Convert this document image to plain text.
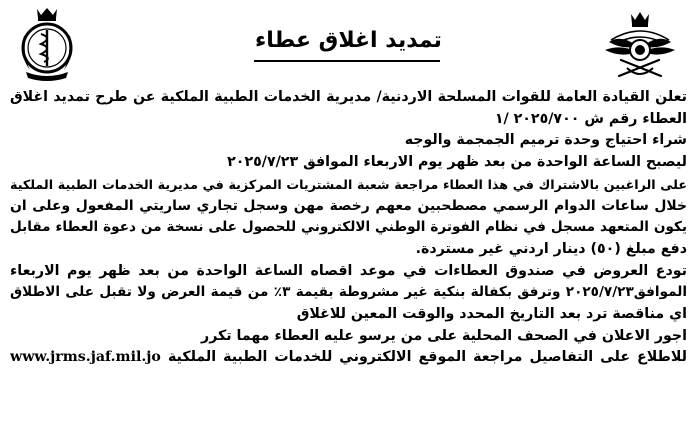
تمديد اغلاق عطاء
تعلن القيادة العامة للقوات المسلحة الاردنية/ مديرية الخدمات الطبية الملكية عن طرح تمديد اغلاق
العطاء رقم ش ٢٠٢٥/٧٠٠ /١
شراء احتياج وحدة ترميم الجمجمة والوجه
ليصبح الساعة الواحدة من بعد ظهر يوم الاربعاء الموافق ٢٠٢٥/٧/٢٣
على الراغبين بالاشتراك في هذا العطاء مراجعة شعبة المشتريات المركزية في مديرية الخدمات الطبية الملكية
خلال ساعات الدوام الرسمي مصطحبين معهم رخصة مهن وسجل تجاري ساريتي المفعول وعلى ان
يكون المتعهد مسجل في نظام الفوترة الوطني الالكتروني للحصول على نسخة من دعوة العطاء مقابل
دفع مبلغ (٥٠) دينار اردني غير مستردة.
تودع العروض في صندوق العطاءات في موعد اقصاه الساعة الواحدة من بعد ظهر يوم الاربعاء
الموافق٢٠٢٥/٧/٢٣ وترفق بكفالة بنكية غير مشروطة بقيمة ٣٪ من قيمة العرض ولا تقبل على الاطلاق
اي مناقصة ترد بعد التاريخ المحدد والوقت المعين للاغلاق
اجور الاعلان في الصحف المحلية على من يرسو عليه العطاء مهما تكرر
للاطلاع على التفاصيل مراجعة الموقع الالكتروني للخدمات الطبية الملكية www.jrms.jaf.mil.jo
